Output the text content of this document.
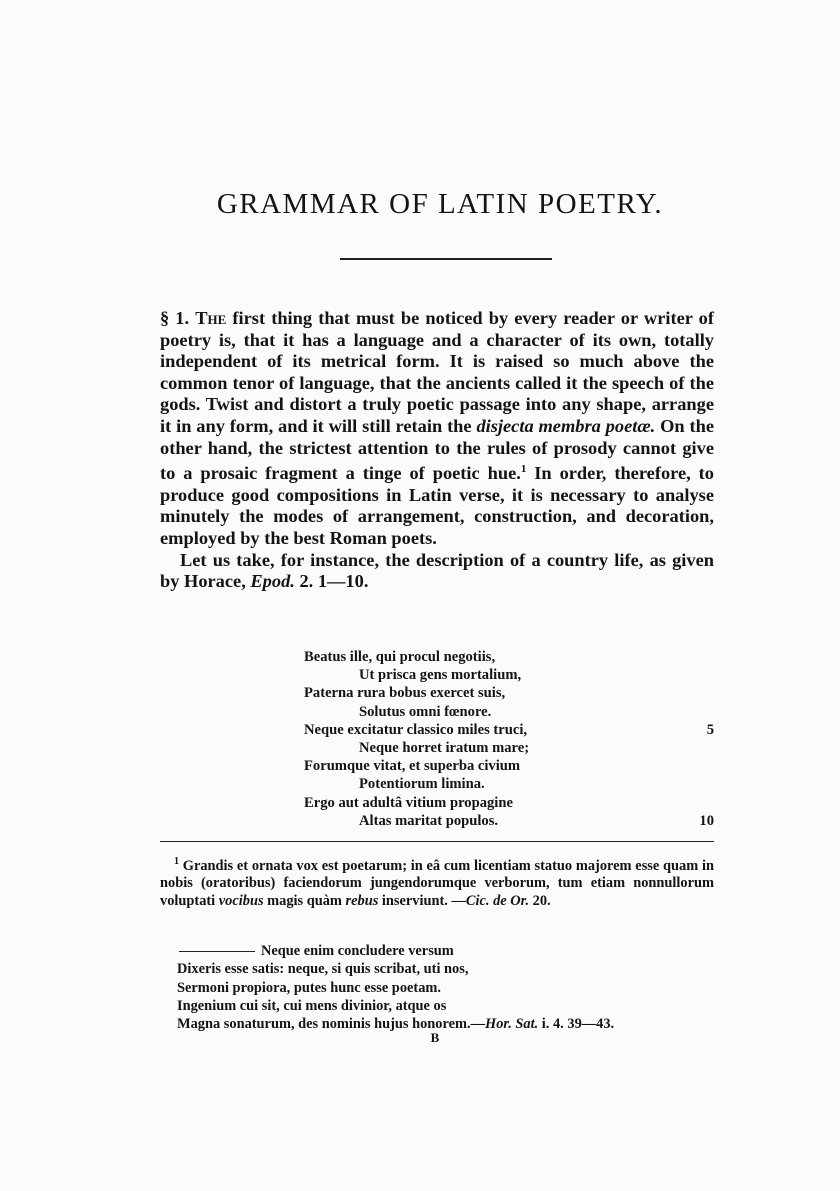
GRAMMAR OF LATIN POETRY.

§ 1. The first thing that must be noticed by every reader or writer of poetry is, that it has a language and a character of its own, totally independent of its metrical form. It is raised so much above the common tenor of language, that the ancients called it the speech of the gods. Twist and distort a truly poetic passage into any shape, arrange it in any form, and it will still retain the disjecta membra poetæ. On the other hand, the strictest attention to the rules of prosody cannot give to a prosaic fragment a tinge of poetic hue.$^1$ In order, therefore, to produce good compositions in Latin verse, it is necessary to analyse minutely the modes of arrangement, construction, and decoration, employed by the best Roman poets.

Let us take, for instance, the description of a country life, as given by Horace, Epod. 2. 1—10.

Beatus ille, qui procul negotiis,
Ut prisca gens mortalium,
Paterna rura bobus exercet suis,
Solutus omni fœnore.
Neque excitatur classico miles truci,	5
Neque horret iratum mare;
Forumque vitat, et superba civium
Potentiorum limina.
Ergo aut adultâ vitium propagine
Altas maritat populos.	10

$^1$ Grandis et ornata vox est poetarum; in eâ cum licentiam statuo majorem esse quam in nobis (oratoribus) faciendorum jungendorumque verborum, tum etiam nonnullorum voluptati vocibus magis quàm rebus inserviunt. —Cic. de Or. 20.

Neque enim concludere versum
Dixeris esse satis: neque, si quis scribat, uti nos,
Sermoni propiora, putes hunc esse poetam.
Ingenium cui sit, cui mens divinior, atque os
Magna sonaturum, des nominis hujus honorem.—Hor. Sat. i. 4. 39—43.
B
